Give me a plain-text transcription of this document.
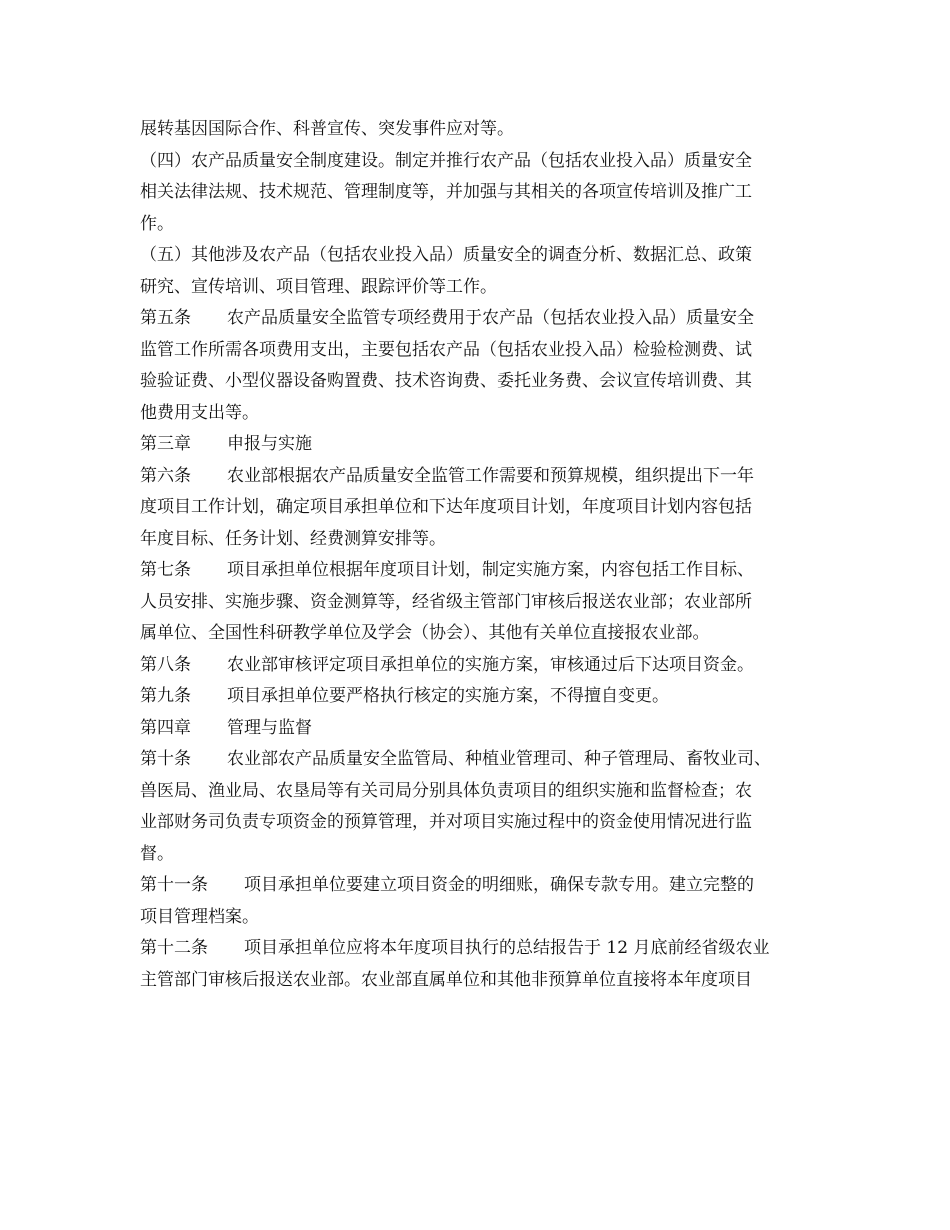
展转基因国际合作、科普宣传、突发事件应对等。
（四）农产品质量安全制度建设。制定并推行农产品（包括农业投入品）质量安全
相关法律法规、技术规范、管理制度等，并加强与其相关的各项宣传培训及推广工
作。
（五）其他涉及农产品（包括农业投入品）质量安全的调查分析、数据汇总、政策
研究、宣传培训、项目管理、跟踪评价等工作。
第五条 农产品质量安全监管专项经费用于农产品（包括农业投入品）质量安全
监管工作所需各项费用支出，主要包括农产品（包括农业投入品）检验检测费、试
验验证费、小型仪器设备购置费、技术咨询费、委托业务费、会议宣传培训费、其
他费用支出等。
第三章 申报与实施
第六条 农业部根据农产品质量安全监管工作需要和预算规模，组织提出下一年
度项目工作计划，确定项目承担单位和下达年度项目计划，年度项目计划内容包括
年度目标、任务计划、经费测算安排等。
第七条 项目承担单位根据年度项目计划，制定实施方案，内容包括工作目标、
人员安排、实施步骤、资金测算等，经省级主管部门审核后报送农业部；农业部所
属单位、全国性科研教学单位及学会（协会）、其他有关单位直接报农业部。
第八条 农业部审核评定项目承担单位的实施方案，审核通过后下达项目资金。
第九条 项目承担单位要严格执行核定的实施方案，不得擅自变更。
第四章 管理与监督
第十条 农业部农产品质量安全监管局、种植业管理司、种子管理局、畜牧业司、
兽医局、渔业局、农垦局等有关司局分别具体负责项目的组织实施和监督检查；农
业部财务司负责专项资金的预算管理，并对项目实施过程中的资金使用情况进行监
督。
第十一条 项目承担单位要建立项目资金的明细账，确保专款专用。建立完整的
项目管理档案。
第十二条 项目承担单位应将本年度项目执行的总结报告于 12 月底前经省级农业
主管部门审核后报送农业部。农业部直属单位和其他非预算单位直接将本年度项目
